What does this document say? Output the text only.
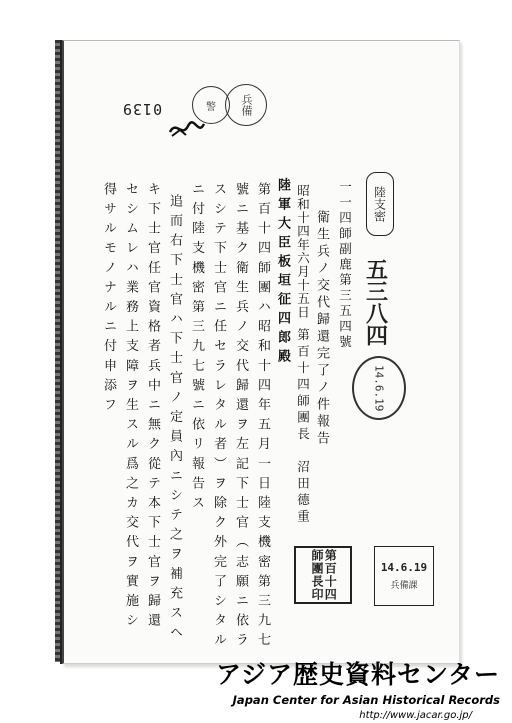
0139	警 兵備
陸支密
五三八四
14.6.19
一一四師副鹿第三五四號
衛生兵ノ交代歸還完了ノ件報告
昭和十四年六月十五日
第百十四師團長　沼田德重
陸軍大臣板垣征四郎殿
第百十四師團ハ昭和十四年五月一日陸支機密第三九七
號ニ基ク衛生兵ノ交代歸還ヲ左記下士官（志願ニ依ラ
スシテ下士官ニ任セラレタル者）ヲ除ク外完了シタル
ニ付陸支機密第三九七號ニ依リ報告ス
追而右下士官ハ下士官ノ定員內ニシテ之ヲ補充スヘ
キ下士官任官資格者兵中ニ無ク從テ本下士官ヲ歸還
セシムレハ業務上支障ヲ生スル爲之カ交代ヲ實施シ
得サルモノナルニ付申添フ
第百十四師團長印	14.6.19
兵備課
アジア歴史資料センター
Japan Center for Asian Historical Records
http://www.jacar.go.jp/
